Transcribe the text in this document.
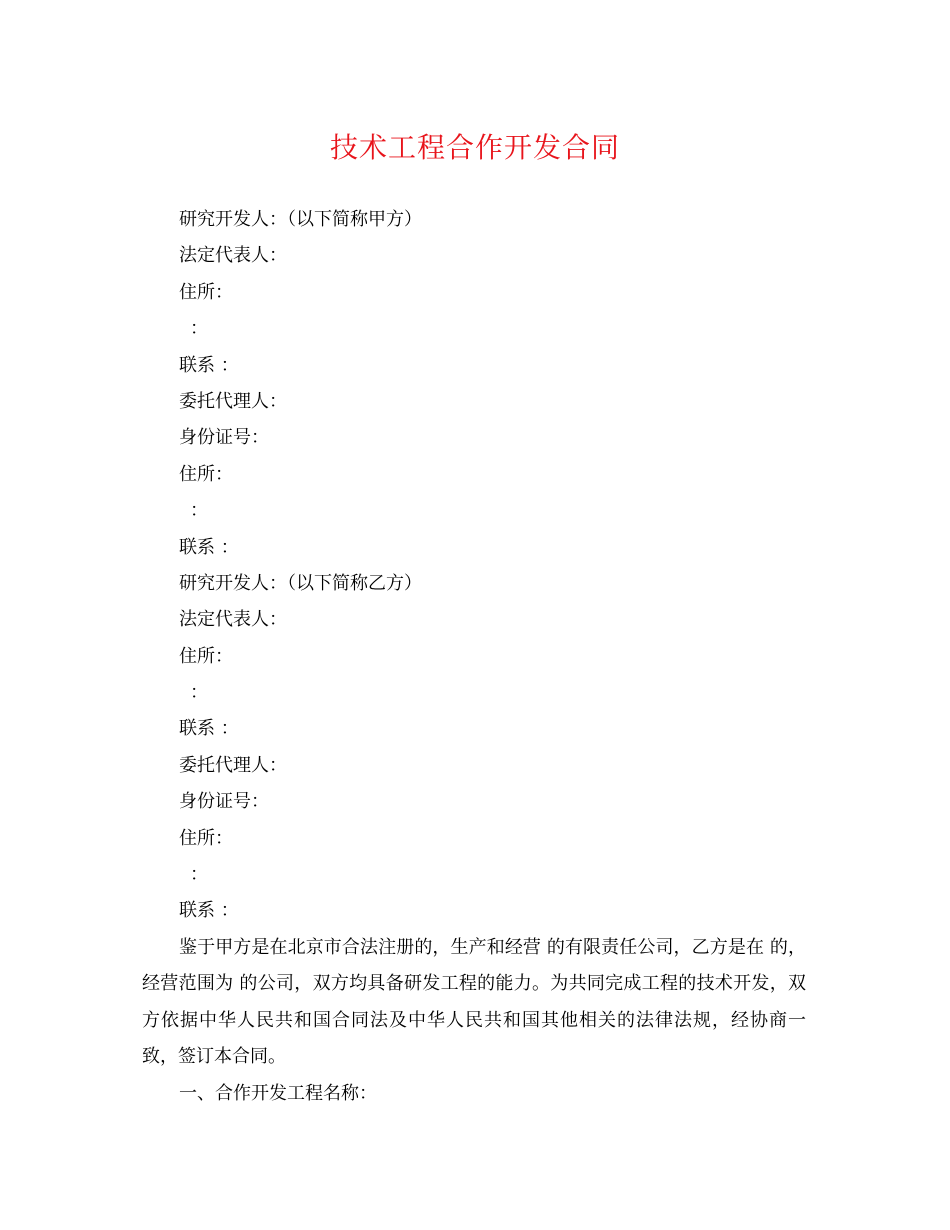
技术工程合作开发合同
研究开发人：（以下简称甲方）
法定代表人：
住所：
：
联系 ：
委托代理人：
身份证号：
住所：
：
联系 ：
研究开发人：（以下简称乙方）
法定代表人：
住所：
：
联系 ：
委托代理人：
身份证号：
住所：
：
联系 ：

鉴于甲方是在北京市合法注册的，生产和经营 的有限责任公司，乙方是在 的，经营范围为 的公司，双方均具备研发工程的能力。为共同完成工程的技术开发，双方依据中华人民共和国合同法及中华人民共和国其他相关的法律法规，经协商一致，签订本合同。

一、合作开发工程名称：
